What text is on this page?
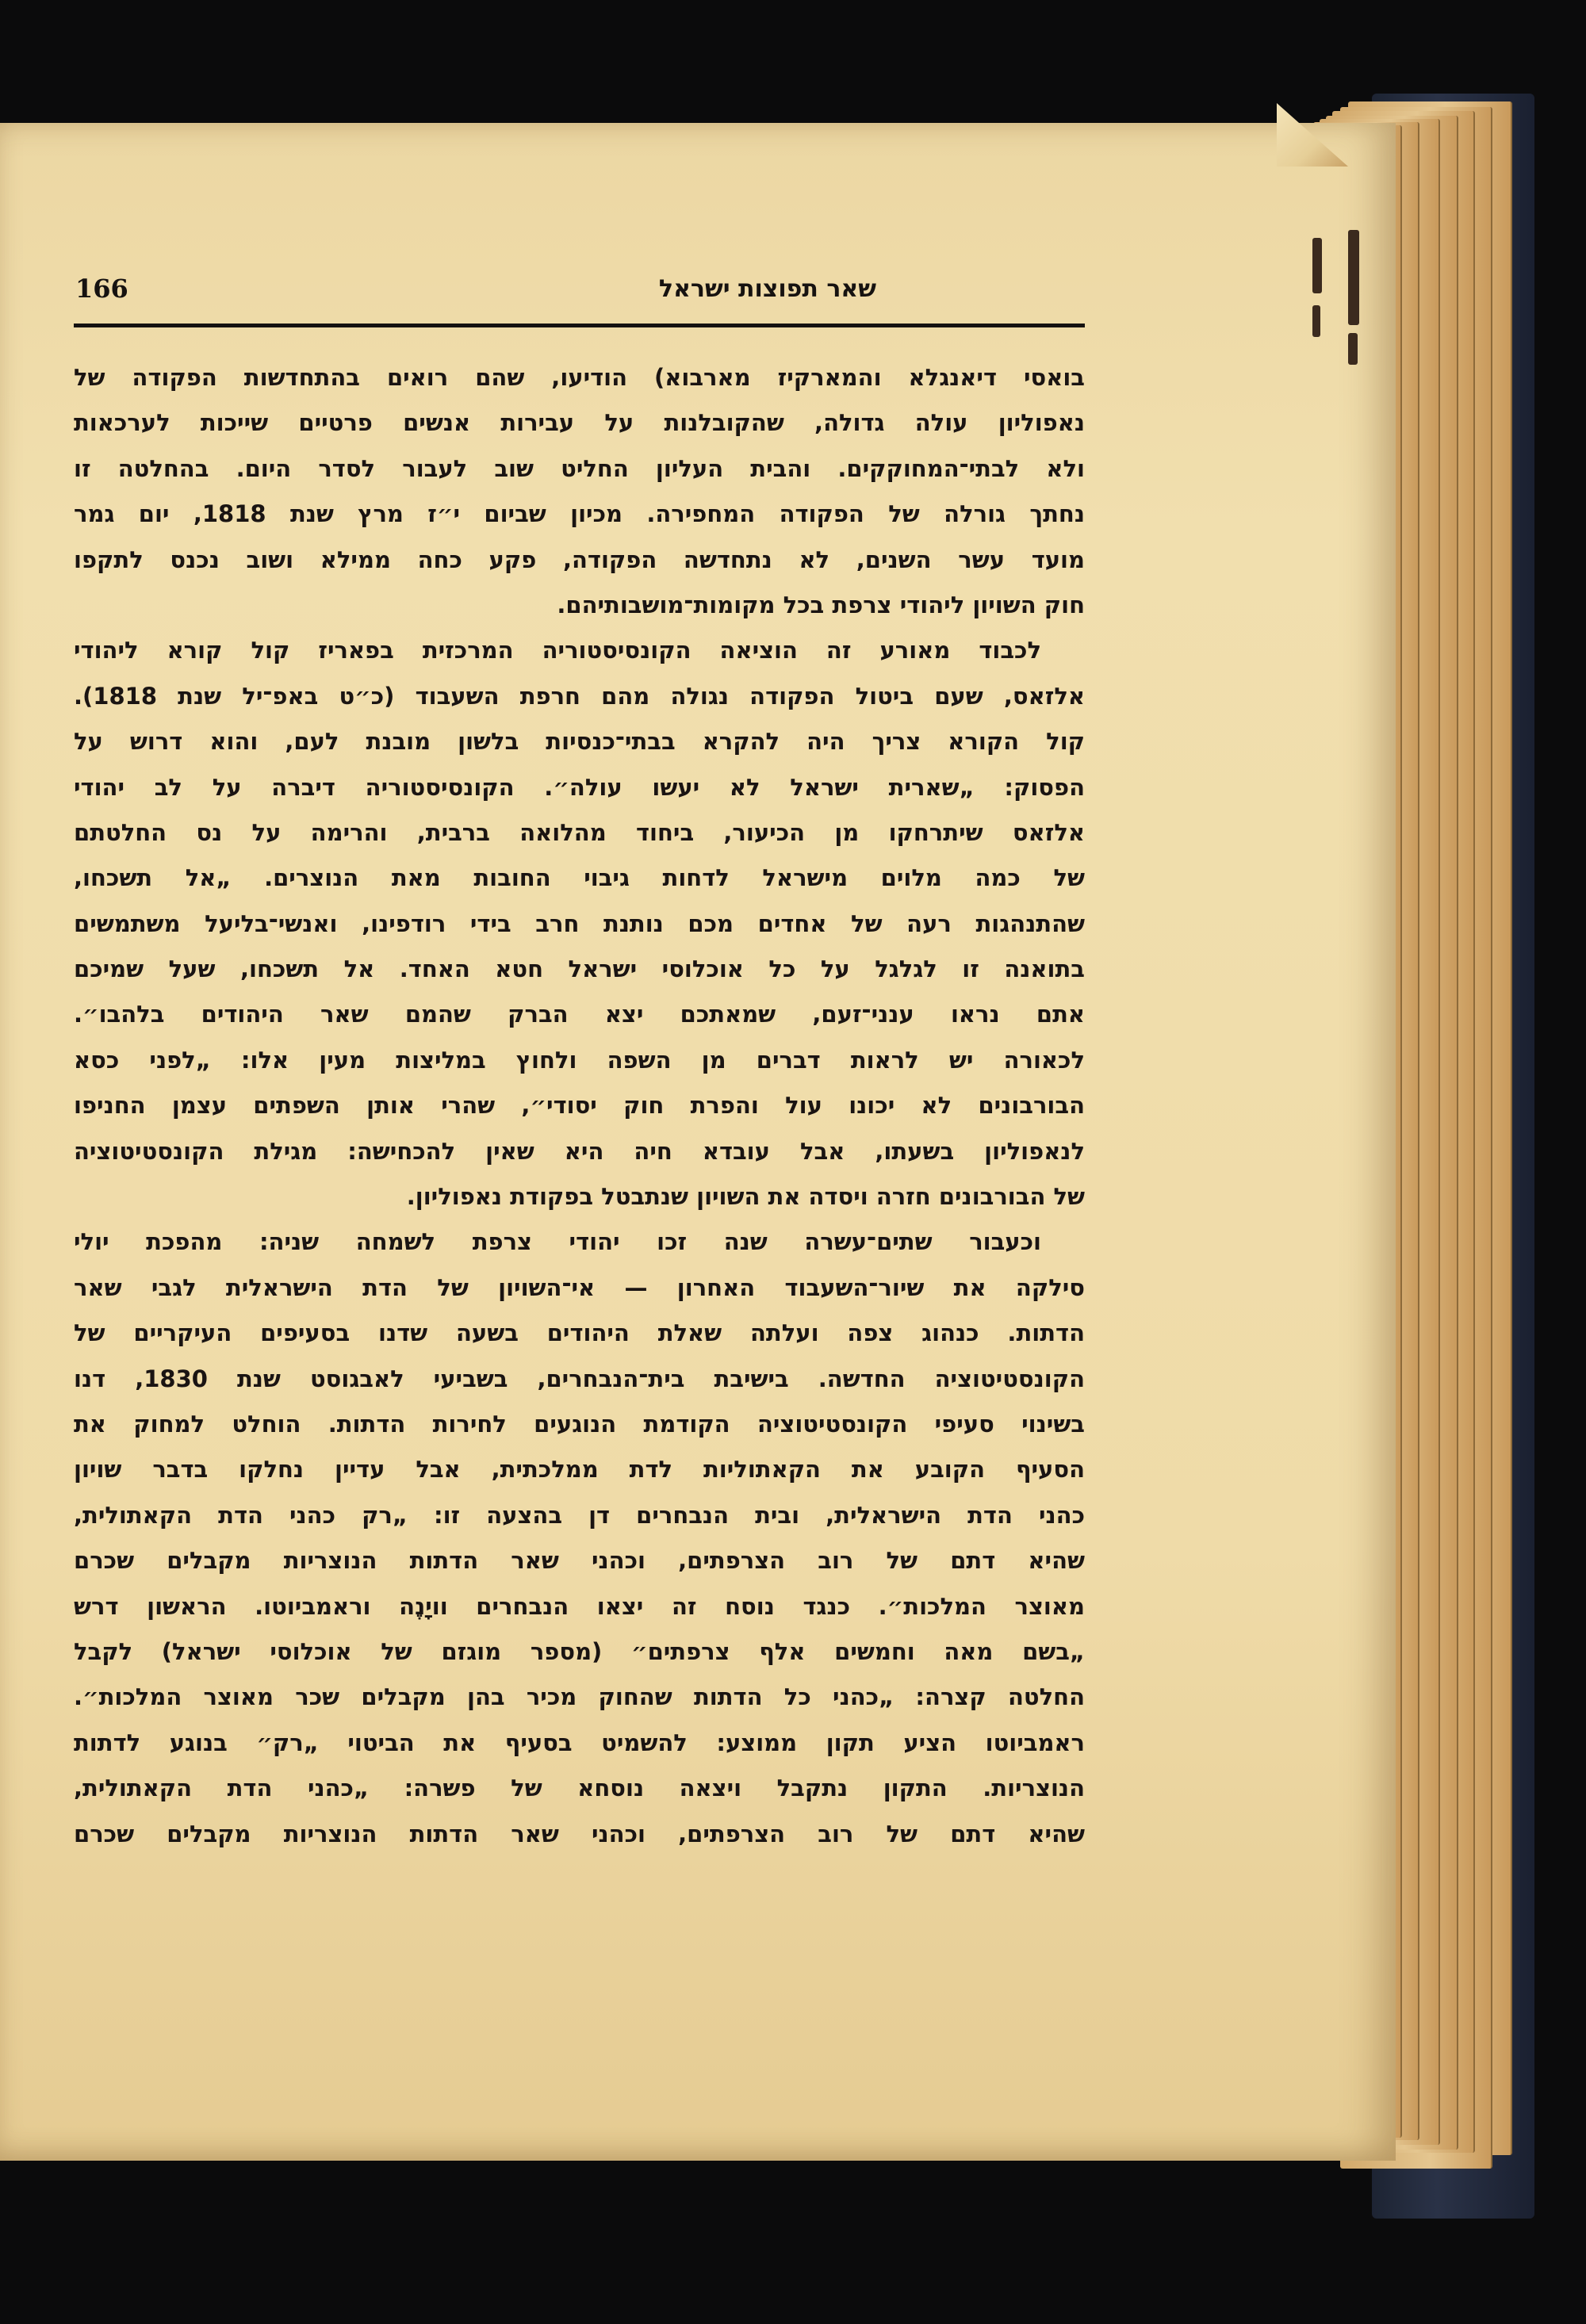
166	שאר תפוצות ישראל
בואסי דיאנגלא והמארקיז מארבוא) הודיעו, שהם רואים בהתחדשות הפקודה של
נאפוליון עולה גדולה, שהקובלנות על עבירות אנשים פרטיים שייכות לערכאות
ולא לבתי־המחוקקים. והבית העליון החליט שוב לעבור לסדר היום. בהחלטה זו
נחתך גורלה של הפקודה המחפירה. מכיון שביום י״ז מרץ שנת 1818, יום גמר
מועד עשר השנים, לא נתחדשה הפקודה, פקע כחה ממילא ושוב נכנס לתקפו
חוק השויון ליהודי צרפת בכל מקומות־מושבותיהם.
לכבוד מאורע זה הוציאה הקונסיסטוריה המרכזית בפאריז קול קורא ליהודי
אלזאס, שעם ביטול הפקודה נגולה מהם חרפת השעבוד (כ״ט באפ־יל שנת 1818).
קול הקורא צריך היה להקרא בבתי־כנסיות בלשון מובנת לעם, והוא דרוש על
הפסוק: „שארית ישראל לא יעשו עולה״. הקונסיסטוריה דיברה על לב יהודי
אלזאס שיתרחקו מן הכיעור, ביחוד מהלואה ברבית, והרימה על נס החלטתם
של כמה מלוים מישראל לדחות גיבוי החובות מאת הנוצרים. „אל תשכחו,
שהתנהגות רעה של אחדים מכם נותנת חרב בידי רודפינו, ואנשי־בליעל משתמשים
בתואנה זו לגלגל על כל אוכלוסי ישראל חטא האחד. אל תשכחו, שעל שמיכם
אתם נראו ענני־זעם, שמאתכם יצא הברק שהמם שאר היהודים בלהבו״.
לכאורה יש לראות דברים מן השפה ולחוץ במליצות מעין אלו: „לפני כסא
הבורבונים לא יכונו עול והפרת חוק יסודי״, שהרי אותן השפתים עצמן החניפו
לנאפוליון בשעתו, אבל עובדא חיה היא שאין להכחישה: מגילת הקונסטיטוציה
של הבורבונים חזרה ויסדה את השויון שנתבטל בפקודת נאפוליון.
וכעבור שתים־עשרה שנה זכו יהודי צרפת לשמחה שניה: מהפכת יולי
סילקה את שיור־השעבוד האחרון — אי־השויון של הדת הישראלית לגבי שאר
הדתות. כנהוג צפה ועלתה שאלת היהודים בשעה שדנו בסעיפים העיקריים של
הקונסטיטוציה החדשה. בישיבת בית־הנבחרים, בשביעי לאבגוסט שנת 1830, דנו
בשינוי סעיפי הקונסטיטוציה הקודמת הנוגעים לחירות הדתות. הוחלט למחוק את
הסעיף הקובע את הקאתוליות לדת ממלכתית, אבל עדיין נחלקו בדבר שויון
כהני הדת הישראלית, ובית הנבחרים דן בהצעה זו: „רק כהני הדת הקאתולית,
שהיא דתם של רוב הצרפתים, וכהני שאר הדתות הנוצריות מקבלים שכרם
מאוצר המלכות״. כנגד נוסח זה יצאו הנבחרים וויָנֶה וראמביוטו. הראשון דרש
„בשם מאה וחמשים אלף צרפתים״ (מספר מוגזם של אוכלוסי ישראל) לקבל
החלטה קצרה: „כהני כל הדתות שהחוק מכיר בהן מקבלים שכר מאוצר המלכות״.
ראמביוטו הציע תקון ממוצע: להשמיט בסעיף את הביטוי „רק״ בנוגע לדתות
הנוצריות. התקון נתקבל ויצאה נוסחא של פשרה: „כהני הדת הקאתולית,
שהיא דתם של רוב הצרפתים, וכהני שאר הדתות הנוצריות מקבלים שכרם
